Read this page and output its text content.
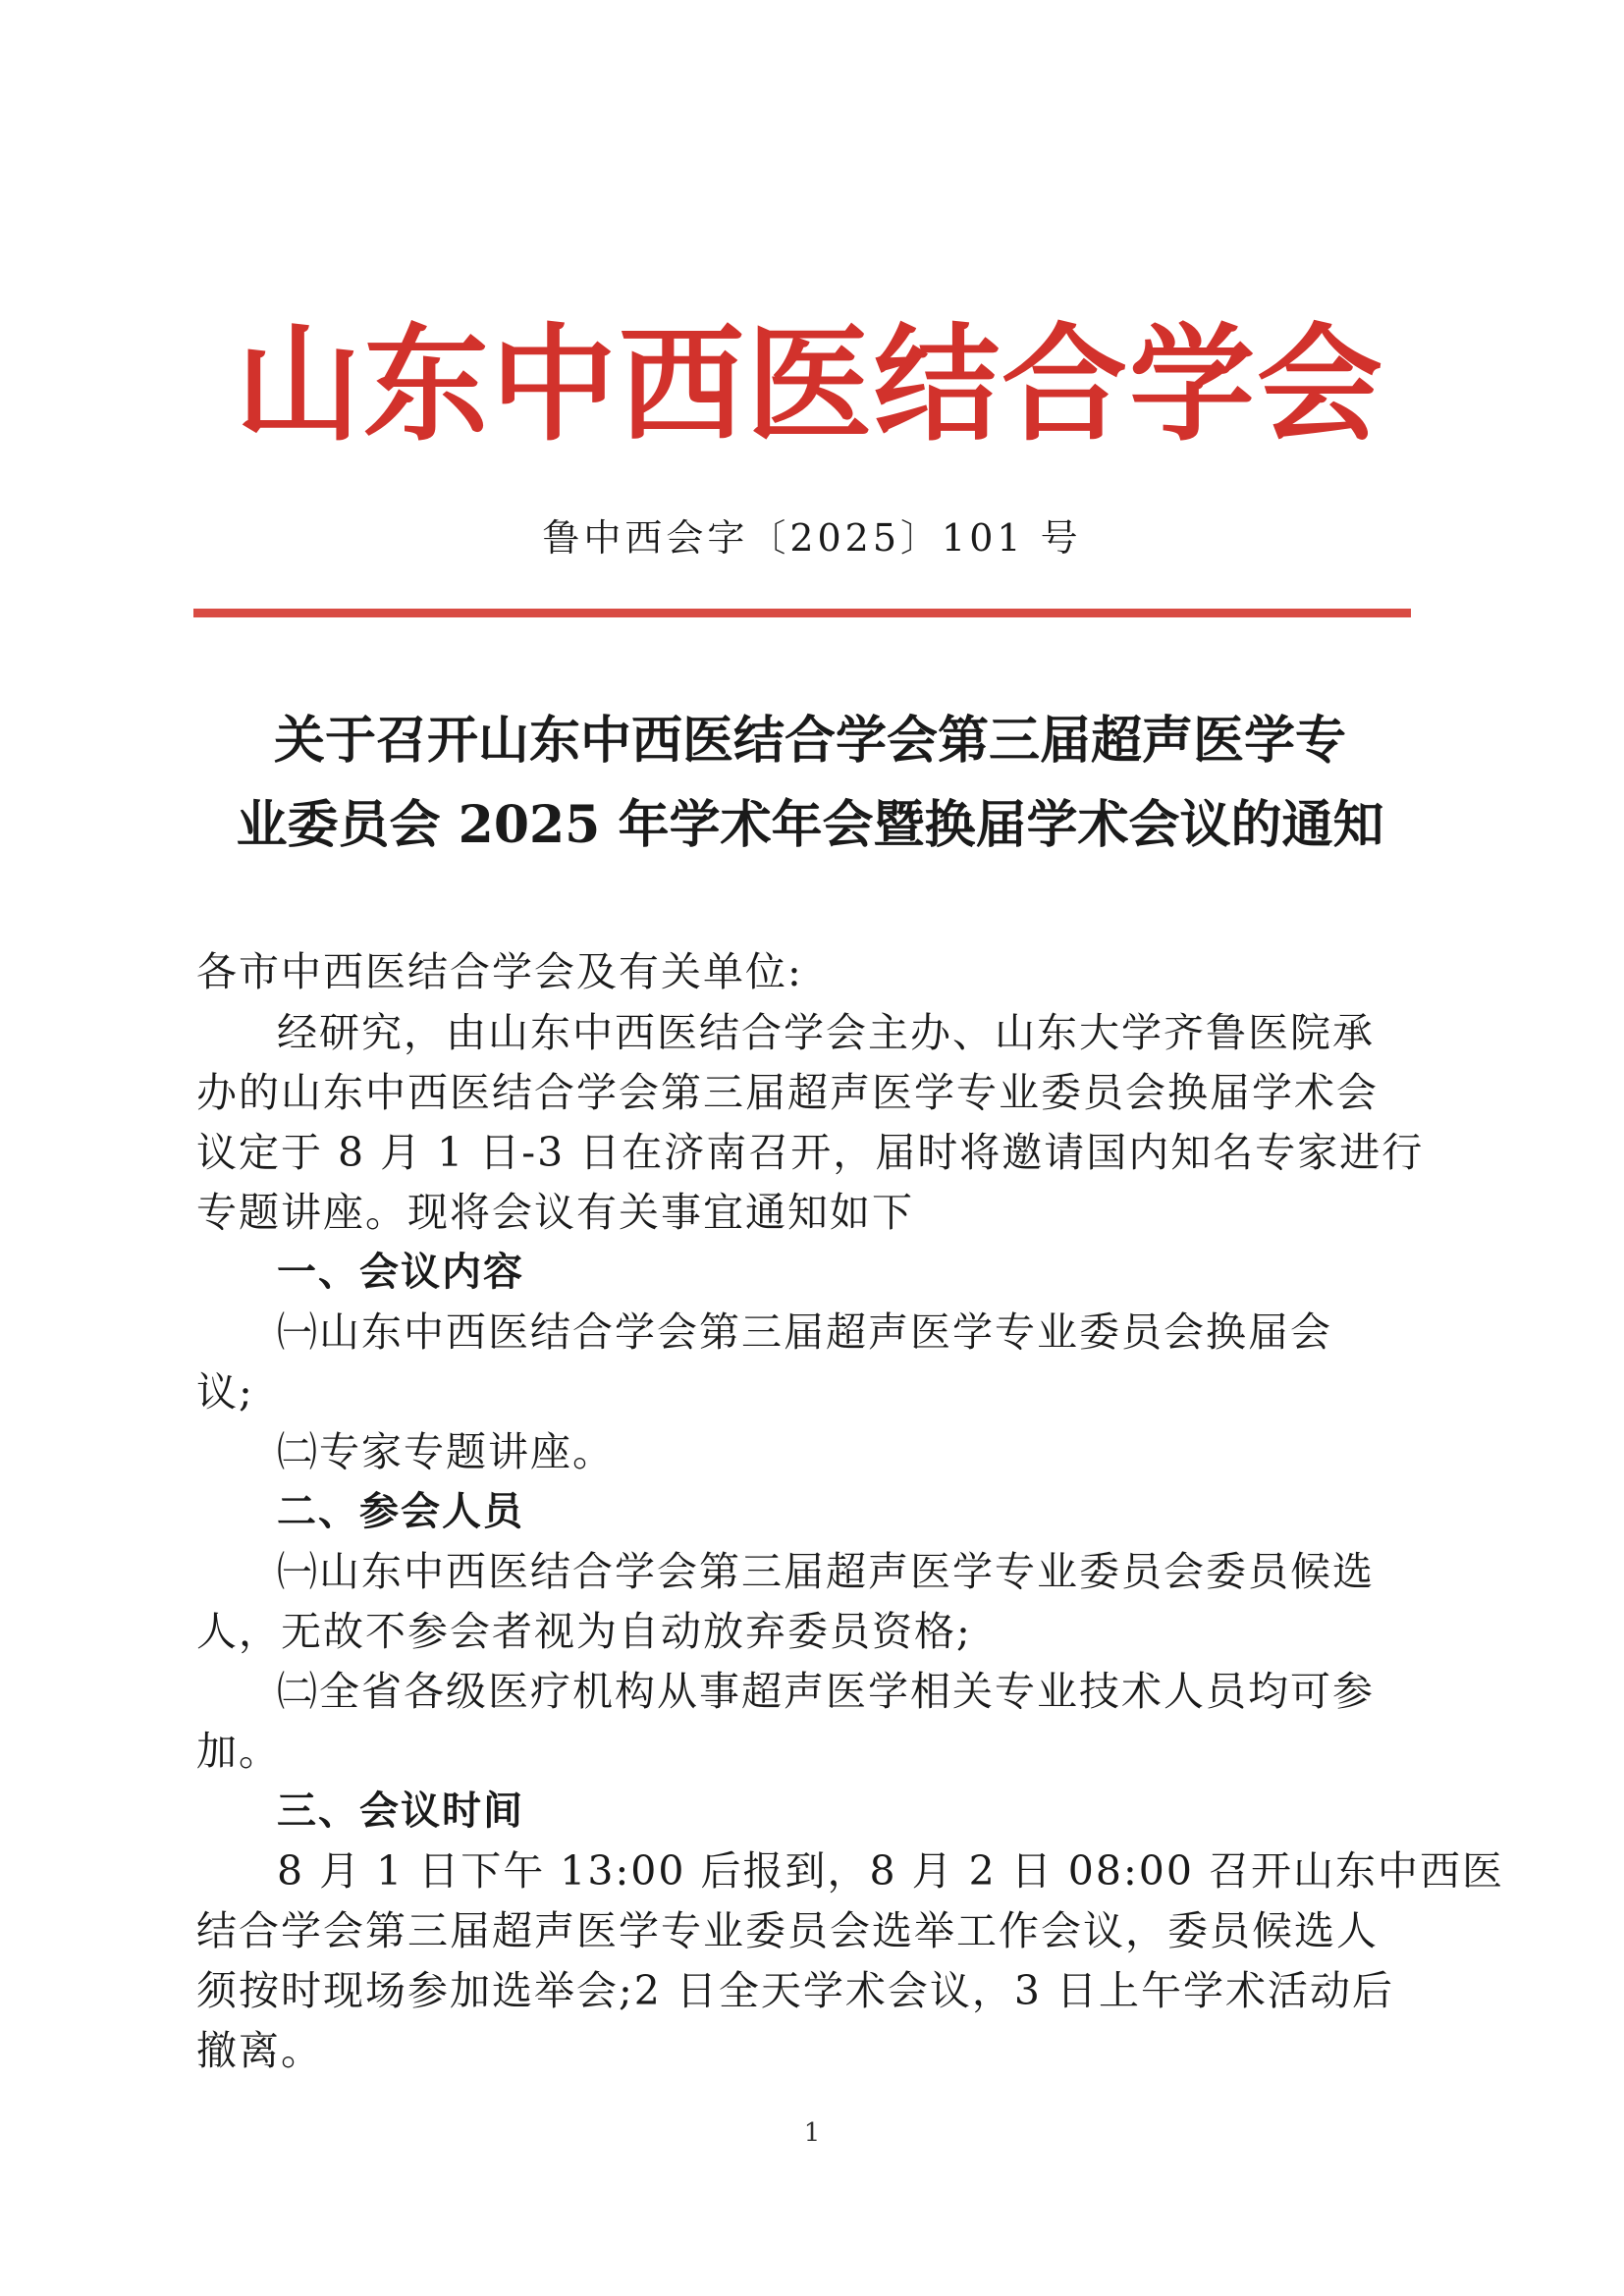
山东中西医结合学会
鲁中西会字〔2025〕101 号
关于召开山东中西医结合学会第三届超声医学专
业委员会 2025 年学术年会暨换届学术会议的通知
各市中西医结合学会及有关单位:
经研究，由山东中西医结合学会主办、山东大学齐鲁医院承
办的山东中西医结合学会第三届超声医学专业委员会换届学术会
议定于 8 月 1 日-3 日在济南召开，届时将邀请国内知名专家进行
专题讲座。现将会议有关事宜通知如下
一、会议内容
㈠山东中西医结合学会第三届超声医学专业委员会换届会
议;
㈡专家专题讲座。
二、参会人员
㈠山东中西医结合学会第三届超声医学专业委员会委员候选
人，无故不参会者视为自动放弃委员资格;
㈡全省各级医疗机构从事超声医学相关专业技术人员均可参
加。
三、会议时间
8 月 1 日下午 13:00 后报到，8 月 2 日 08:00 召开山东中西医
结合学会第三届超声医学专业委员会选举工作会议，委员候选人
须按时现场参加选举会;2 日全天学术会议，3 日上午学术活动后
撤离。
1
